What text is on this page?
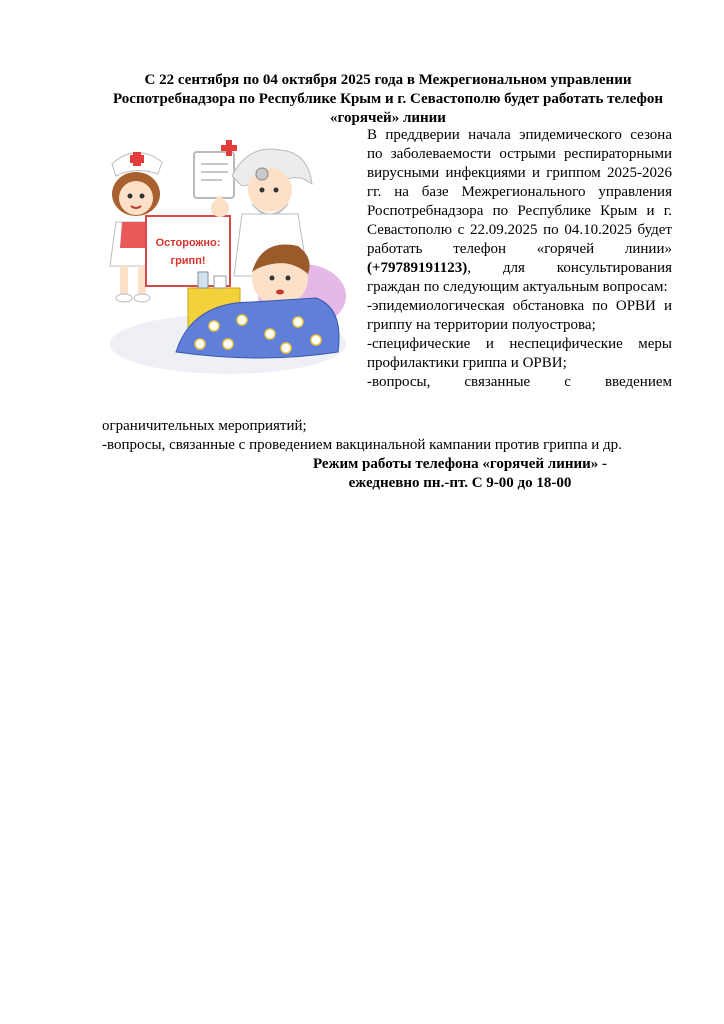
С 22 сентября по 04 октября 2025 года в Межрегиональном управлении Роспотребнадзора по Республике Крым и г. Севастополю будет работать телефон «горячей» линии
Осторожно:
грипп!

В преддверии начала эпидемического сезона по заболеваемости острыми респираторными вирусными инфекциями и гриппом 2025-2026 гг. на базе Межрегионального управления Роспотребнадзора по Республике Крым и г. Севастополю с 22.09.2025 по 04.10.2025 будет работать телефон «горячей линии» (+79789191123), для консультирования граждан по следующим актуальным вопросам:

-эпидемиологическая обстановка по ОРВИ и гриппу на территории полуострова;

-специфические и неспецифические меры профилактики гриппа и ОРВИ;

-вопросы, связанные с введением

ограничительных мероприятий;

-вопросы, связанные с проведением вакцинальной кампании против гриппа и др.

Режим работы телефона «горячей линии» -
ежедневно пн.-пт. С 9-00 до 18-00
